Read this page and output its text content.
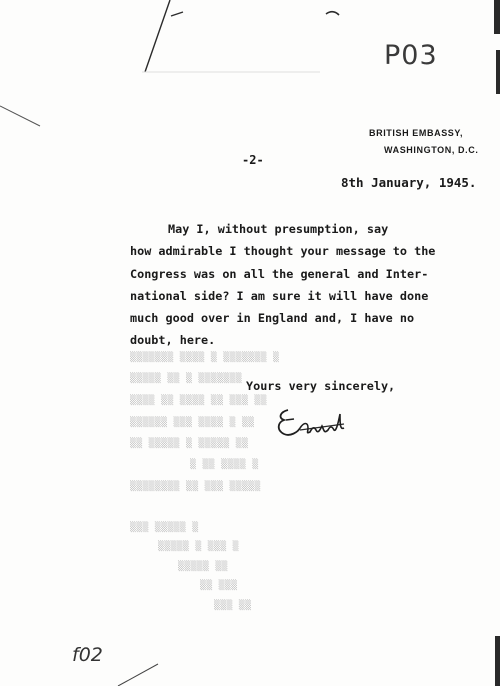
▒▒▒▒▒▒▒ ▒▒▒▒ ▒ ▒▒▒▒▒▒▒ ▒
▒▒▒▒▒ ▒▒ ▒ ▒▒▒▒▒▒▒
▒▒▒▒ ▒▒ ▒▒▒▒ ▒▒ ▒▒▒ ▒▒
▒▒▒▒▒▒ ▒▒▒ ▒▒▒▒ ▒ ▒▒
▒▒ ▒▒▒▒▒ ▒ ▒▒▒▒▒ ▒▒
▒ ▒▒ ▒▒▒▒ ▒
▒▒▒▒▒▒▒▒ ▒▒ ▒▒▒ ▒▒▒▒▒
▒▒▒ ▒▒▒▒▒ ▒
▒▒▒▒▒ ▒ ▒▒▒ ▒
▒▒▒▒▒ ▒▒
▒▒ ▒▒▒
▒▒▒ ▒▒
P03
f02
BRITISH EMBASSY,
WASHINGTON, D.C.
-2-
8th January, 1945.
May I, without presumption, say
how admirable I thought your message to the
Congress was on all the general and Inter-
national side? I am sure it will have done
much good over in England and, I have no
doubt, here.
Yours very sincerely,
